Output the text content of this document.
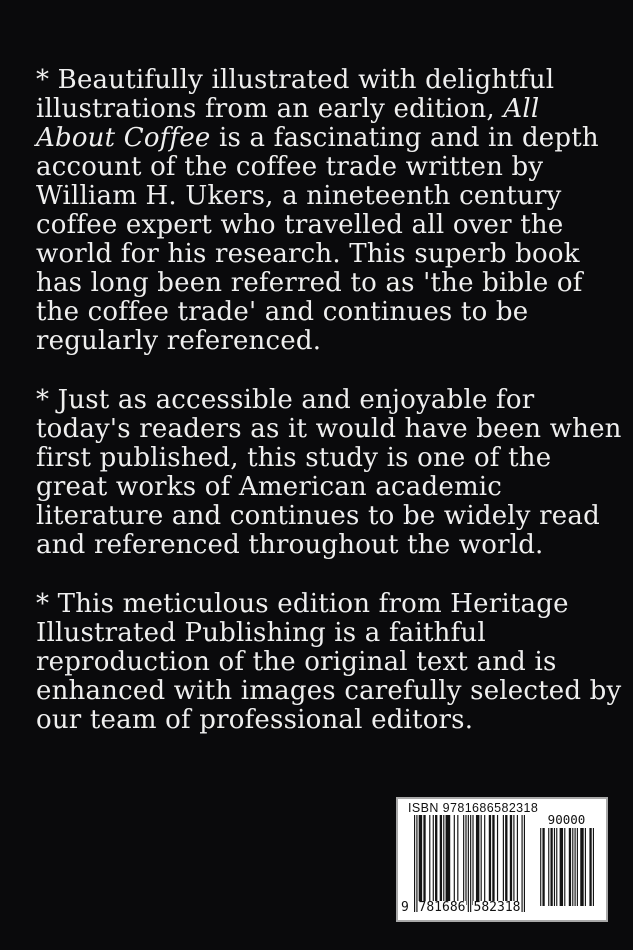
* Beautifully illustrated with delightful
illustrations from an early edition, All
About Coffee is a fascinating and in depth
account of the coffee trade written by
William H. Ukers, a nineteenth century
coffee expert who travelled all over the
world for his research. This superb book
has long been referred to as 'the bible of
the coffee trade' and continues to be
regularly referenced.

* Just as accessible and enjoyable for
today's readers as it would have been when
first published, this study is one of the
great works of American academic
literature and continues to be widely read
and referenced throughout the world.

* This meticulous edition from Heritage
Illustrated Publishing is a faithful
reproduction of the original text and is
enhanced with images carefully selected by
our team of professional editors.

ISBN 9781686582318
9 781686 582318
90000
